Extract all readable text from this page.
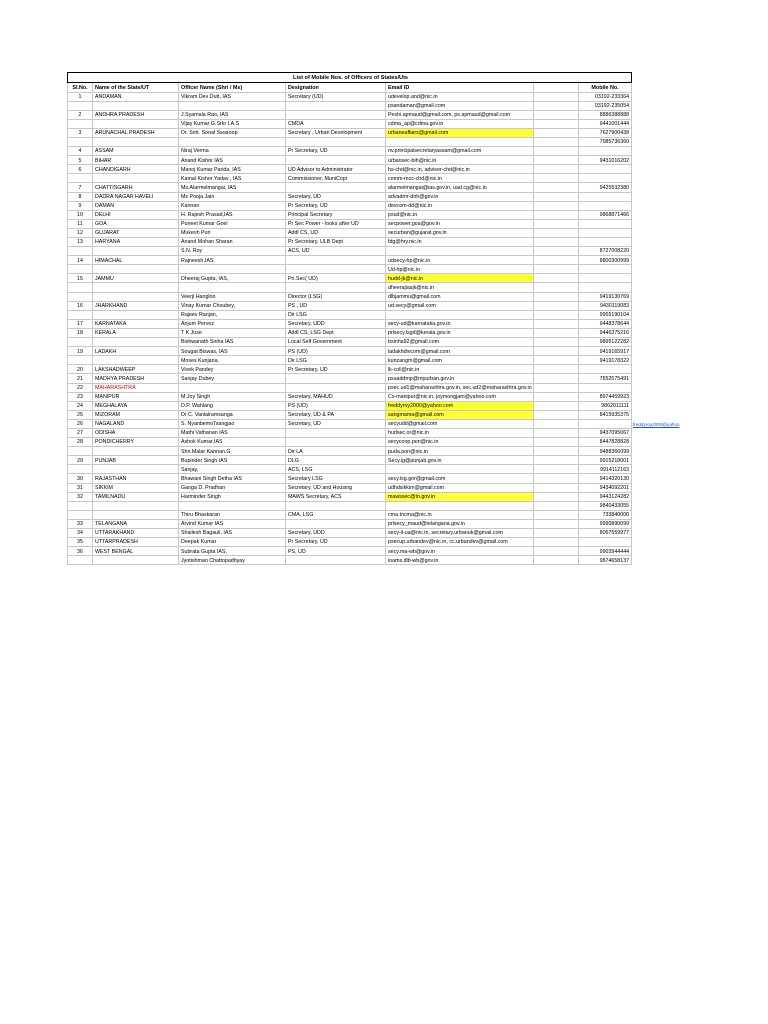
List of Mobile Nos. of Officers of States/Uts						
Sl.No.	Name of the State/UT	Officer Name (Shri / Ms)	Designation	Email ID		Mobile No.
1	ANDAMAN	Vikram Dev Dutt, IAS	Secretary (UD)	udevelop.and@nic.in		03192-233364
				psandaman@gmail.com		03192-235054
2	ANDHRA PRADESH	J.Syamala Rao, IAS		Peshi.apmaud@gmail.com, ps.apmaud@gmail.com		8886388888
		Vijay Kumar G.Srkr I.A.S	CMDA	cdma_ap@cdma.gov.in		9441001444
3	ARUNACHAL PRADESH	Dr. Smt. Sonal Swaroop	Secretary , Urban Development	urbaneaffairs@gmail.com		7627900438
						7085736360
4	ASSAM	Niraj Verma	Pr Secretary, UD	nv.principalsecretaryassam@gmail.com		
5	BIHAR	Anand Kishor IAS		urbansec-bih@nic.in		9431016202
6	CHANDIGARH	Manoj Kumar Parida, IAS	UD Advisor to Administrator	hs-chd@nic.in, adviser-chd@nic.in		
		Kamal Kishor Yadav , IAS	Commissioner, MuniCopr	comm-mcc-chd@nic.in		
7	CHATTISGARH	Ms.Alarmelmangai, IAS		alarmelmangai@ias.gov.in, uad.cg@nic.in		9425532380
8	DADRA NAGAR HAVELI	Ms Pooja Jain	Secretary, UD	advadmr-dnh@gov.in		
9	DAMAN	Kannan	Pr Secretary, UD	devcom-dd@nic.in		
10	DELHI	H. Rajesh Prasad,IAS	Principal Secretary	psud@nic.in		9868871466
11	GOA	Puneet Kumar Goel	Pr Sec Power - looks after UD	secpower.goa@gov.in		
12	GUJARAT	Mukesh Puri	Addl CS, UD	securban@gujarat.gov.in		
13	HARYANA	Anand Mohan Sharan	Pr Secretary, ULB Dept	fdg@hry.nic.in		
		S.N. Roy	ACS, UD			8727008220
14	HIMACHAL	Rajneesh,IAS		udsecy-hp@nic.in		8800300999
				Ud-hp@nic.in		
15	JAMMU	Dheeraj Gupta, IAS,	Pri.Sec( UD)	hudd-jk@nic.in		
				dheerajiasjk@nic.in		
		Veerji Hangloo	Director (LSG)	dlbjammu@gmail.com		9419130769
16	JHARKHAND	Vinay Kumar Choubey,	PS , UD	ud.secy@gmail.com		9430119083
		Rajeev Ranjan,	Dir LSG			9955190104
17	KARNATAKA	Anjum Pervez	Secretary, UDD	secy-ud@karnataka.gov.in		9448378644
18	KERALA	T K Jose	Addl CS, LSG Dept	prlsecy.lsgd@kerala.gov.in		9446375216
		Bishwanath Sinha IAS	Local Self Government	bsinha92@gmail.com		9895122282
19	LADAKH	Sougat Biswas, IAS	PS (UD)	ladakhdivcom@gmail.com		9419165917
		Moses Kunjana,	Dir LSG	kunzangm@gmail.com		9419178322
20	LAKSHADWEEP	Vivek Pandey	Pr Secretary, UD	lk-coll@nic.in		
21	MADHYA PRADESH	Sanjay Dubey		psuaddmp@mpurban.gov.in		7552575491
22	MAHARASHTRA			psec.ud1@maharashtra.gov.in, sec.ud2@maharashtra.gov.in		
23	MANIPUR	M.Joy Singh	Secretary, MAHUD	Cs-manipur@nic.in, joymongjam@yahoo.com		8974459923
24	MEGHALAYA	D.P. Wahlang	PS (UD)	freddyroy2000@yahoo.com		9862011111
25	MIZORAM	Dr C. Vanlalramsanga	Secretary, UD & PA	sangmama@gmail.com		8415935375
26	NAGALAND	S. NyanbemoTsangjao	Secretary, UD	secyudd@gmail.com		
27	ODISHA	Mathi Vathanan IAS		hudsec.or@nic.in		9437095067
28	PONDICHERRY	Ashok Kumar,IAS		secycoop.pon@nic.in		8447828828
		Shri.Malar Kannan.G	Dir LA	puda.pon@nic.in		9488366099
29	PUNJAB	Bupinder Singh IAS	DLG	Secy.lg@punjab.gov.in		9915218001
		Sanjay,	ACS, LSG			9914112163
30	RAJASTHAN	Bhawani Singh Detha IAS	Secretary LSG	secy.lsg.gor@gmail.com		9414320130
31	SIKKIM	Ganga D. Pradhan	Secretary, UD and Housing	udhdsikkim@gmail.com		9434092201
32	TAMILNADU	Harminder Singh	MAWS Secretary, ACS	mawssec@tn.gov.in		9443124282
						9840433055
		Thiru Bhaskaran	CMA, LSG	cma.tncma@nic.in		733840000
33	TELANGANA	Arvind Kumar IAS		prlsecy_maud@telangana.gov.in		9990890099
34	UTTARAKHAND	Shailesh Bagauli, IAS	Secretary, UDD	secy-il-ua@nic.in, secretary.urbanuk@gmail.com		8057559977
35	UTTARPRADESH	Deepak Kumar	Pr Secretary, UD	psecup.urbandev@nic.in, cc.urbandev@gmail.com		
36	WEST BENGAL	Subrata Gupta IAS,	PS, UD	secy.ma-wb@gov.in		9903944444
		Jyotishman Chattopadhyay		ioams.dlb-wb@gov.in		9874658137
freddyroy2000@yahoo
